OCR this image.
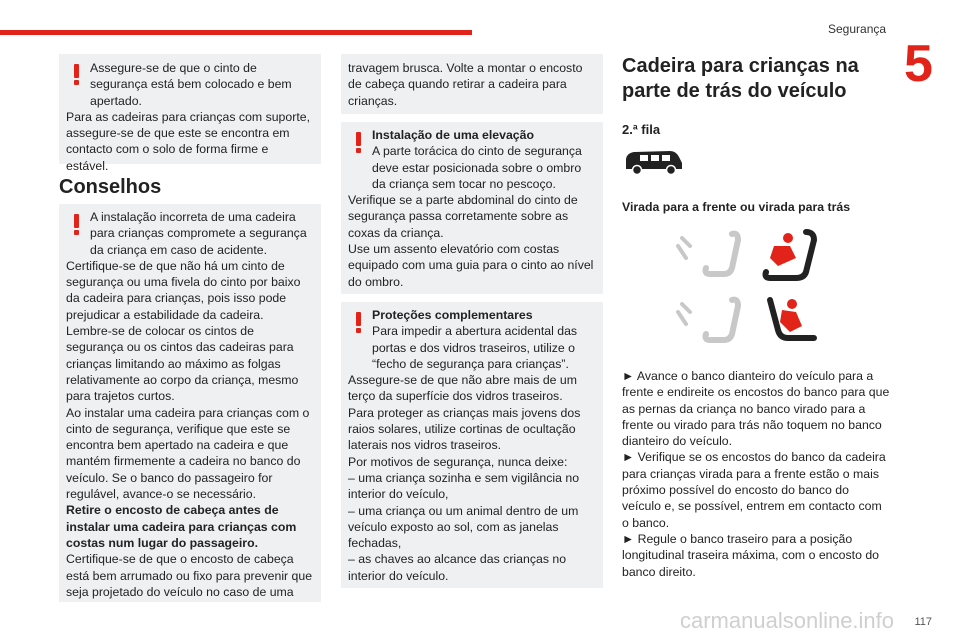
Segurança
5

Assegure-se de que o cinto de segurança está bem colocado e bem apertado.

Para as cadeiras para crianças com suporte, assegure-se de que este se encontra em contacto com o solo de forma firme e estável.

Conselhos

A instalação incorreta de uma cadeira para crianças compromete a segurança da criança em caso de acidente.

Certifique-se de que não há um cinto de segurança ou uma fivela do cinto por baixo da cadeira para crianças, pois isso pode prejudicar a estabilidade da cadeira.

Lembre-se de colocar os cintos de segurança ou os cintos das cadeiras para crianças limitando ao máximo as folgas relativamente ao corpo da criança, mesmo para trajetos curtos.

Ao instalar uma cadeira para crianças com o cinto de segurança, verifique que este se encontra bem apertado na cadeira e que mantém firmemente a cadeira no banco do veículo. Se o banco do passageiro for regulável, avance-o se necessário.

Retire o encosto de cabeça antes de instalar uma cadeira para crianças com costas num lugar do passageiro.

Certifique-se de que o encosto de cabeça está bem arrumado ou fixo para prevenir que seja projetado do veículo no caso de uma

travagem brusca. Volte a montar o encosto de cabeça quando retirar a cadeira para crianças.

Instalação de uma elevação

A parte torácica do cinto de segurança deve estar posicionada sobre o ombro da criança sem tocar no pescoço.

Verifique se a parte abdominal do cinto de segurança passa corretamente sobre as coxas da criança.

Use um assento elevatório com costas equipado com uma guia para o cinto ao nível do ombro.

Proteções complementares

Para impedir a abertura acidental das portas e dos vidros traseiros, utilize o “fecho de segurança para crianças”.

Assegure-se de que não abre mais de um terço da superfície dos vidros traseiros.

Para proteger as crianças mais jovens dos raios solares, utilize cortinas de ocultação laterais nos vidros traseiros.

Por motivos de segurança, nunca deixe:

– uma criança sozinha e sem vigilância no interior do veículo,

– uma criança ou um animal dentro de um veículo exposto ao sol, com as janelas fechadas,

– as chaves ao alcance das crianças no interior do veículo.

Cadeira para crianças na parte de trás do veículo

2.ª fila
Virada para a frente ou virada para trás

► Avance o banco dianteiro do veículo para a frente e endireite os encostos do banco para que as pernas da criança no banco virado para a frente ou virado para trás não toquem no banco dianteiro do veículo.

► Verifique se os encostos do banco da cadeira para crianças virada para a frente estão o mais próximo possível do encosto do banco do veículo e, se possível, entrem em contacto com o banco.

► Regule o banco traseiro para a posição longitudinal traseira máxima, com o encosto do banco direito.

117
carmanualsonline.info
